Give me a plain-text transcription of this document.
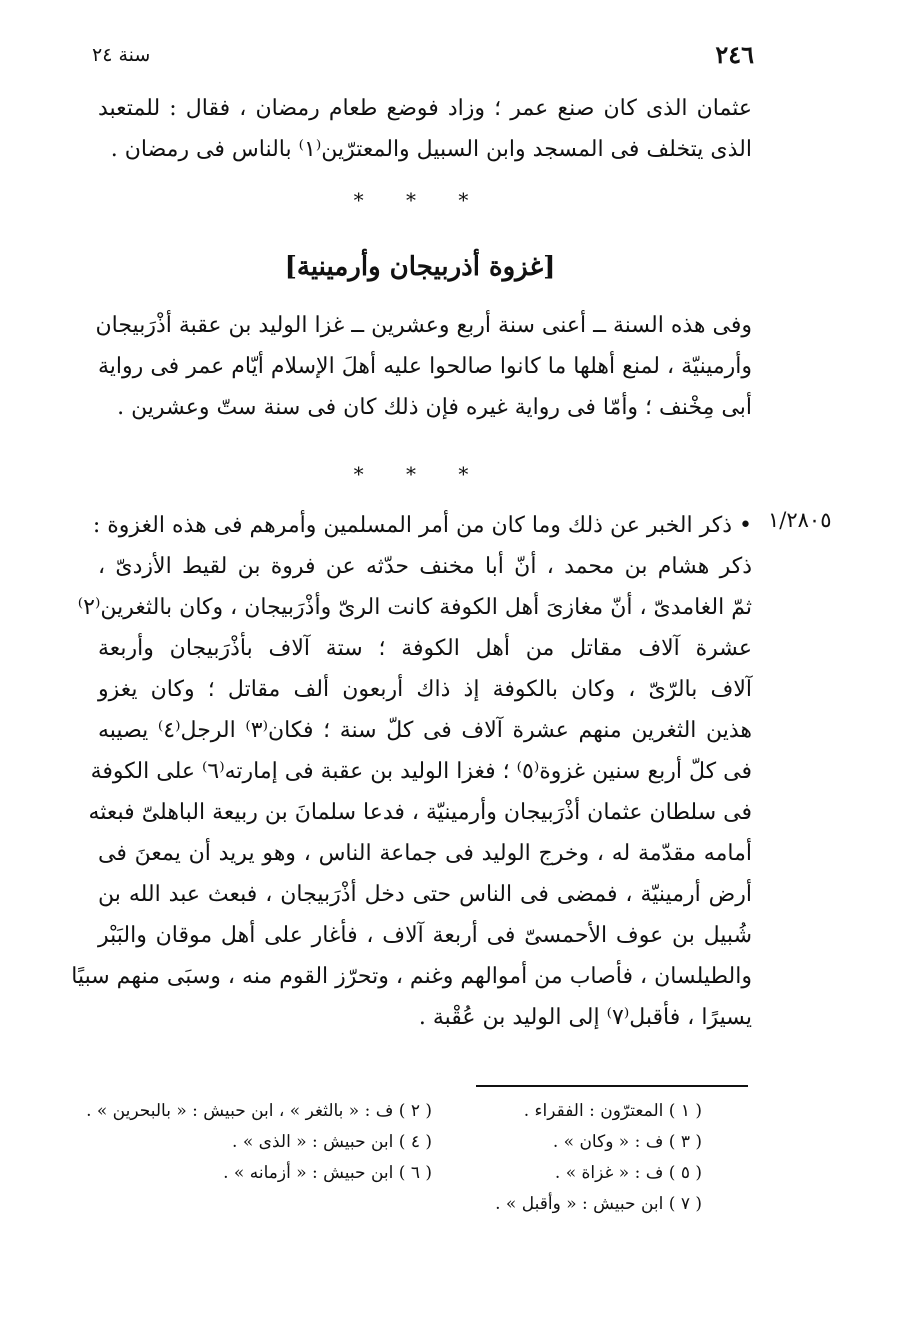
سنة ٢٤	٢٤٦
عثمان الذى كان صنع عمر ؛ وزاد فوضع طعام رمضان ، فقال : للمتعبد
الذى يتخلف فى المسجد وابن السبيل والمعترّين⁽١⁾ بالناس فى رمضان .
* * *
[غزوة أذربيجان وأرمينية]
وفى هذه السنة ــ أعنى سنة أربع وعشرين ــ غزا الوليد بن عقبة أذْرَبيجان
وأرمينيّة ، لمنع أهلها ما كانوا صالحوا عليه أهلَ الإسلام أيّام عمر فى رواية
أبى مِخْنف ؛ وأمّا فى رواية غيره فإن ذلك كان فى سنة ستّ وعشرين .
* * *
١/٢٨٠٥
• ذكر الخبر عن ذلك وما كان من أمر المسلمين وأمرهم فى هذه الغزوة :
ذكر هشام بن محمد ، أنّ أبا مخنف حدّثه عن فروة بن لقيط الأزدىّ ،
ثمّ الغامدىّ ، أنّ مغازىَ أهل الكوفة كانت الرىّ وأذْرَبيجان ، وكان بالثغرين⁽٢⁾
عشرة آلاف مقاتل من أهل الكوفة ؛ ستة آلاف بأذْرَبيجان وأربعة
آلاف بالرّىّ ، وكان بالكوفة إذ ذاك أربعون ألف مقاتل ؛ وكان يغزو
هذين الثغرين منهم عشرة آلاف فى كلّ سنة ؛ فكان⁽٣⁾ الرجل⁽٤⁾ يصيبه
فى كلّ أربع سنين غزوة⁽٥⁾ ؛ فغزا الوليد بن عقبة فى إمارته⁽٦⁾ على الكوفة
فى سلطان عثمان أذْرَبيجان وأرمينيّة ، فدعا سلمانَ بن ربيعة الباهلىّ فبعثه
أمامه مقدّمة له ، وخرج الوليد فى جماعة الناس ، وهو يريد أن يمعنَ فى
أرض أرمينيّة ، فمضى فى الناس حتى دخل أذْرَبيجان ، فبعث عبد الله بن
شُبيل بن عوف الأحمسىّ فى أربعة آلاف ، فأغار على أهل موقان والبَبْر
والطيلسان ، فأصاب من أموالهم وغنم ، وتحرّز القوم منه ، وسبَى منهم سبيًا
يسيرًا ، فأقبل⁽٧⁾ إلى الوليد بن عُقْبة .
( ١ ) المعترّون : الفقراء .
( ٣ ) ف : « وكان » .
( ٥ ) ف : « غزاة » .
( ٧ ) ابن حبيش : « وأقبل » .
( ٢ ) ف : « بالثغر » ، ابن حبيش : « بالبحرين » .
( ٤ ) ابن حبيش : « الذى » .
( ٦ ) ابن حبيش : « أزمانه » .
